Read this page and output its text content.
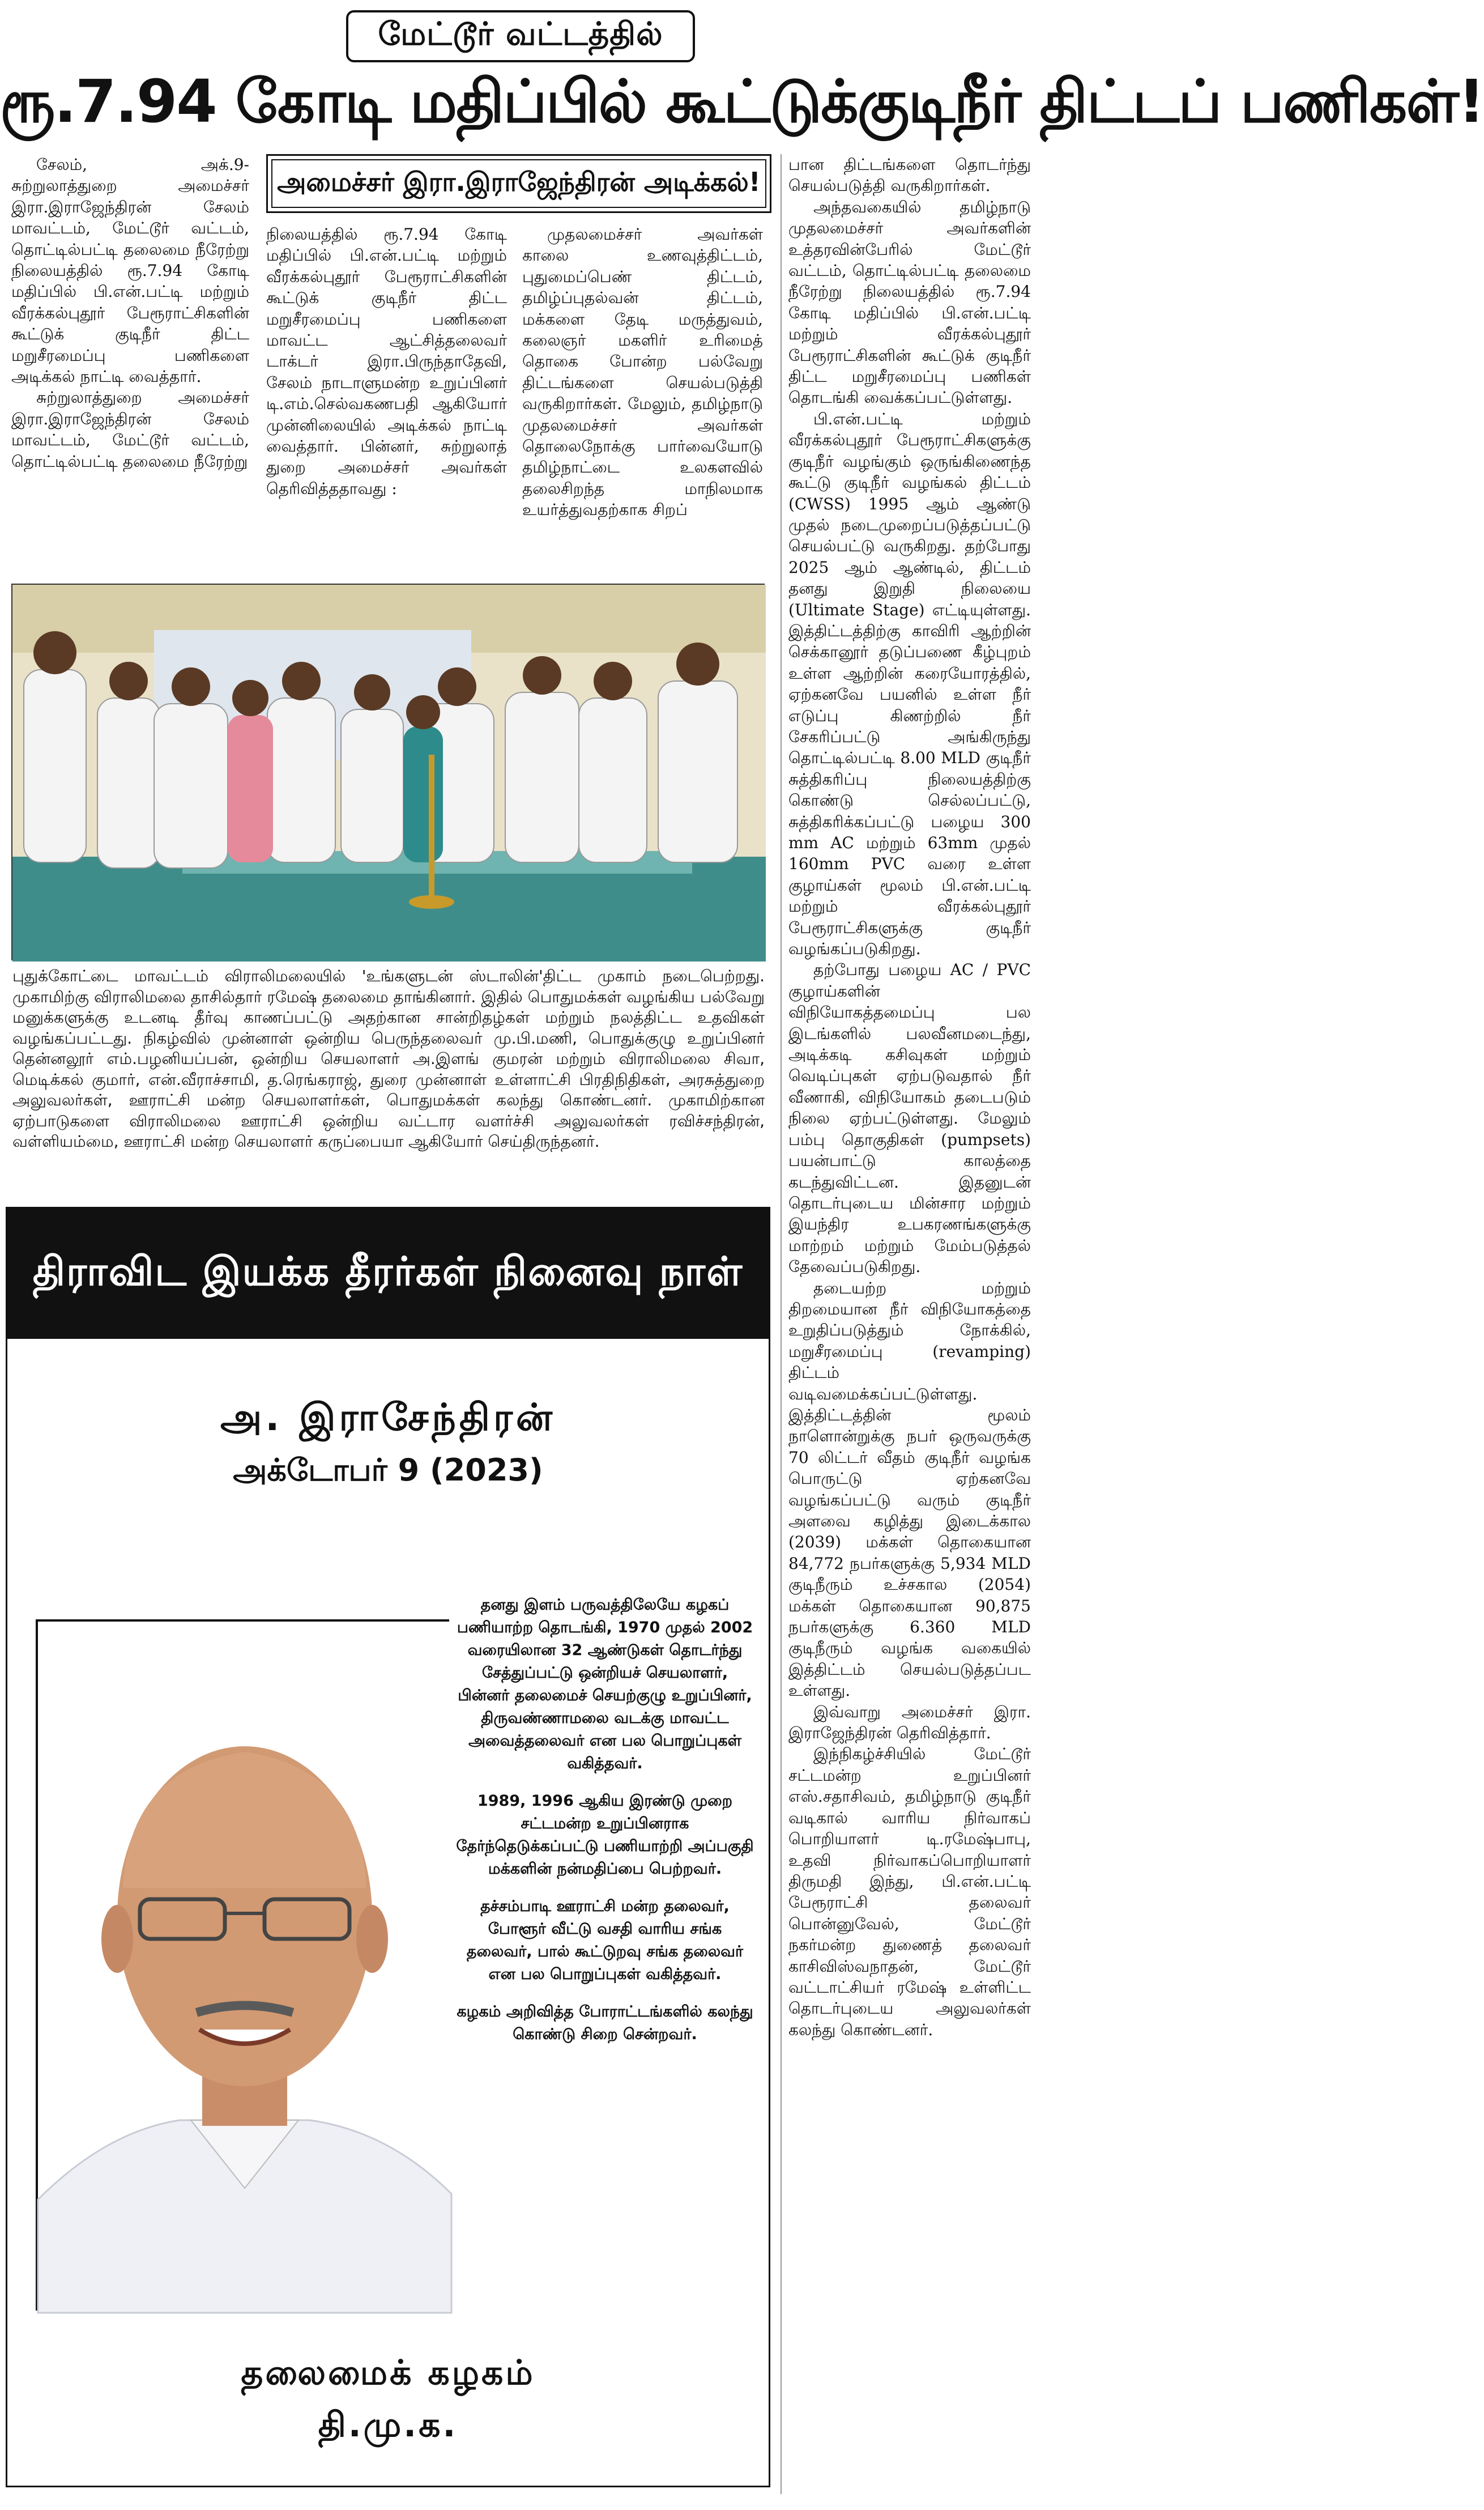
மேட்டூர் வட்டத்தில்
ரூ.7.94 கோடி மதிப்பில் கூட்டுக்குடிநீர் திட்டப் பணிகள்!

சேலம், அக்.9- சுற்றுலாத்துறை அமைச்சர் இரா.இராஜேந்திரன் சேலம் மாவட்டம், மேட்டூர் வட்டம், தொட்டில்பட்டி தலைமை நீரேற்று நிலையத்தில் ரூ.7.94 கோடி மதிப்பில் பி.என்.பட்டி மற்றும் வீரக்கல்புதூர் பேரூராட்சிகளின் கூட்டுக் குடிநீர் திட்ட மறுசீரமைப்பு பணிகளை அடிக்கல் நாட்டி வைத்தார்.

சுற்றுலாத்துறை அமைச்சர் இரா.இராஜேந்திரன் சேலம் மாவட்டம், மேட்டூர் வட்டம், தொட்டில்பட்டி தலைமை நீரேற்று

அமைச்சர் இரா.இராஜேந்திரன் அடிக்கல்!

நிலையத்தில் ரூ.7.94 கோடி மதிப்பில் பி.என்.பட்டி மற்றும் வீரக்கல்புதூர் பேரூராட்சிகளின் கூட்டுக் குடிநீர் திட்ட மறுசீரமைப்பு பணிகளை மாவட்ட ஆட்சித்தலைவர் டாக்டர் இரா.பிருந்தாதேவி, சேலம் நாடாளுமன்ற உறுப்பினர் டி.எம்.செல்வகணபதி ஆகியோர் முன்னிலையில் அடிக்கல் நாட்டி வைத்தார். பின்னர், சுற்றுலாத் துறை அமைச்சர் அவர்கள் தெரிவித்ததாவது :

முதலமைச்சர் அவர்கள் காலை உணவுத்திட்டம், புதுமைப்பெண் திட்டம், தமிழ்ப்புதல்வன் திட்டம், மக்களை தேடி மருத்துவம், கலைஞர் மகளிர் உரிமைத் தொகை போன்ற பல்வேறு திட்டங்களை செயல்படுத்தி வருகிறார்கள். மேலும், தமிழ்நாடு முதலமைச்சர் அவர்கள் தொலைநோக்கு பார்வையோடு தமிழ்நாட்டை உலகளவில் தலைசிறந்த மாநிலமாக உயர்த்துவதற்காக சிறப்

பான திட்டங்களை தொடர்ந்து செயல்படுத்தி வருகிறார்கள்.

அந்தவகையில் தமிழ்நாடு முதலமைச்சர் அவர்களின் உத்தரவின்பேரில் மேட்டூர் வட்டம், தொட்டில்பட்டி தலைமை நீரேற்று நிலையத்தில் ரூ.7.94 கோடி மதிப்பில் பி.என்.பட்டி மற்றும் வீரக்கல்புதூர் பேரூராட்சிகளின் கூட்டுக் குடிநீர் திட்ட மறுசீரமைப்பு பணிகள் தொடங்கி வைக்கப்பட்டுள்ளது.

பி.என்.பட்டி மற்றும் வீரக்கல்புதூர் பேரூராட்சிகளுக்கு குடிநீர் வழங்கும் ஒருங்கிணைந்த கூட்டு குடிநீர் வழங்கல் திட்டம் (CWSS) 1995 ஆம் ஆண்டு முதல் நடைமுறைப்படுத்தப்பட்டு செயல்பட்டு வருகிறது. தற்போது 2025 ஆம் ஆண்டில், திட்டம் தனது இறுதி நிலையை (Ultimate Stage) எட்டியுள்ளது. இத்திட்டத்திற்கு காவிரி ஆற்றின் செக்கானூர் தடுப்பணை கீழ்புறம் உள்ள ஆற்றின் கரையோரத்தில், ஏற்கனவே பயனில் உள்ள நீர் எடுப்பு கிணற்றில் நீர் சேகரிப்பட்டு அங்கிருந்து தொட்டில்பட்டி 8.00 MLD குடிநீர் சுத்திகரிப்பு நிலையத்திற்கு கொண்டு செல்லப்பட்டு, சுத்திகரிக்கப்பட்டு பழைய 300 mm AC மற்றும் 63mm முதல் 160mm PVC வரை உள்ள குழாய்கள் மூலம் பி.என்.பட்டி மற்றும் வீரக்கல்புதூர் பேரூராட்சிகளுக்கு குடிநீர் வழங்கப்படுகிறது.

தற்போது பழைய AC / PVC குழாய்களின் விநியோகத்தமைப்பு பல இடங்களில் பலவீனமடைந்து, அடிக்கடி கசிவுகள் மற்றும் வெடிப்புகள் ஏற்படுவதால் நீர் வீணாகி, விநியோகம் தடைபடும் நிலை ஏற்பட்டுள்ளது. மேலும் பம்பு தொகுதிகள் (pumpsets) பயன்பாட்டு காலத்தை கடந்துவிட்டன. இதனுடன் தொடர்புடைய மின்சார மற்றும் இயந்திர உபகரணங்களுக்கு மாற்றம் மற்றும் மேம்படுத்தல் தேவைப்படுகிறது.

தடையற்ற மற்றும் திறமையான நீர் விநியோகத்தை உறுதிப்படுத்தும் நோக்கில், மறுசீரமைப்பு (revamping) திட்டம் வடிவமைக்கப்பட்டுள்ளது. இத்திட்டத்தின் மூலம் நாளொன்றுக்கு நபர் ஒருவருக்கு 70 லிட்டர் வீதம் குடிநீர் வழங்க பொருட்டு ஏற்கனவே வழங்கப்பட்டு வரும் குடிநீர் அளவை கழித்து இடைக்கால (2039) மக்கள் தொகையான 84,772 நபர்களுக்கு 5,934 MLD குடிநீரும் உச்சகால (2054) மக்கள் தொகையான 90,875 நபர்களுக்கு 6.360 MLD குடிநீரும் வழங்க வகையில் இத்திட்டம் செயல்படுத்தப்பட உள்ளது.

இவ்வாறு அமைச்சர் இரா. இராஜேந்திரன் தெரிவித்தார்.

இந்நிகழ்ச்சியில் மேட்டூர் சட்டமன்ற உறுப்பினர் எஸ்.சதாசிவம், தமிழ்நாடு குடிநீர் வடிகால் வாரிய நிர்வாகப் பொறியாளர் டி.ரமேஷ்பாபு, உதவி நிர்வாகப்பொறியாளர் திருமதி இந்து, பி.என்.பட்டி பேரூராட்சி தலைவர் பொன்னுவேல், மேட்டூர் நகர்மன்ற துணைத் தலைவர் காசிவிஸ்வநாதன், மேட்டூர் வட்டாட்சியர் ரமேஷ் உள்ளிட்ட தொடர்புடைய அலுவலர்கள் கலந்து கொண்டனர்.

புதுக்கோட்டை மாவட்டம் விராலிமலையில் 'உங்களுடன் ஸ்டாலின்'திட்ட முகாம் நடைபெற்றது. முகாமிற்கு விராலிமலை தாசில்தார் ரமேஷ் தலைமை தாங்கினார். இதில் பொதுமக்கள் வழங்கிய பல்வேறு மனுக்களுக்கு உடனடி தீர்வு காணப்பட்டு அதற்கான சான்றிதழ்கள் மற்றும் நலத்திட்ட உதவிகள் வழங்கப்பட்டது. நிகழ்வில் முன்னாள் ஒன்றிய பெருந்தலைவர் மு.பி.மணி, பொதுக்குழு உறுப்பினர் தென்னலூர் எம்.பழனியப்பன், ஒன்றிய செயலாளர் அ.இளங் குமரன் மற்றும் விராலிமலை சிவா, மெடிக்கல் குமார், என்.வீராச்சாமி, த.ரெங்கராஜ், துரை முன்னாள் உள்ளாட்சி பிரதிநிதிகள், அரசுத்துறை அலுவலர்கள், ஊராட்சி மன்ற செயலாளர்கள், பொதுமக்கள் கலந்து கொண்டனர். முகாமிற்கான ஏற்பாடுகளை விராலிமலை ஊராட்சி ஒன்றிய வட்டார வளர்ச்சி அலுவலர்கள் ரவிச்சந்திரன், வள்ளியம்மை, ஊராட்சி மன்ற செயலாளர் கருப்பையா ஆகியோர் செய்திருந்தனர்.
திராவிட இயக்க தீரர்கள் நினைவு நாள்
அ. இராசேந்திரன்
அக்டோபர் 9 (2023)

தனது இளம் பருவத்திலேயே கழகப் பணியாற்ற தொடங்கி, 1970 முதல் 2002 வரையிலான 32 ஆண்டுகள் தொடர்ந்து சேத்துப்பட்டு ஒன்றியச் செயலாளர், பின்னர் தலைமைச் செயற்குழு உறுப்பினர், திருவண்ணாமலை வடக்கு மாவட்ட அவைத்தலைவர் என பல பொறுப்புகள் வகித்தவர்.

1989, 1996 ஆகிய இரண்டு முறை சட்டமன்ற உறுப்பினராக தேர்ந்தெடுக்கப்பட்டு பணியாற்றி அப்பகுதி மக்களின் நன்மதிப்பை பெற்றவர்.

தச்சம்பாடி ஊராட்சி மன்ற தலைவர், போளூர் வீட்டு வசதி வாரிய சங்க தலைவர், பால் கூட்டுறவு சங்க தலைவர் என பல பொறுப்புகள் வகித்தவர்.

கழகம் அறிவித்த போராட்டங்களில் கலந்து கொண்டு சிறை சென்றவர்.

தலைமைக் கழகம்
தி.மு.க.
